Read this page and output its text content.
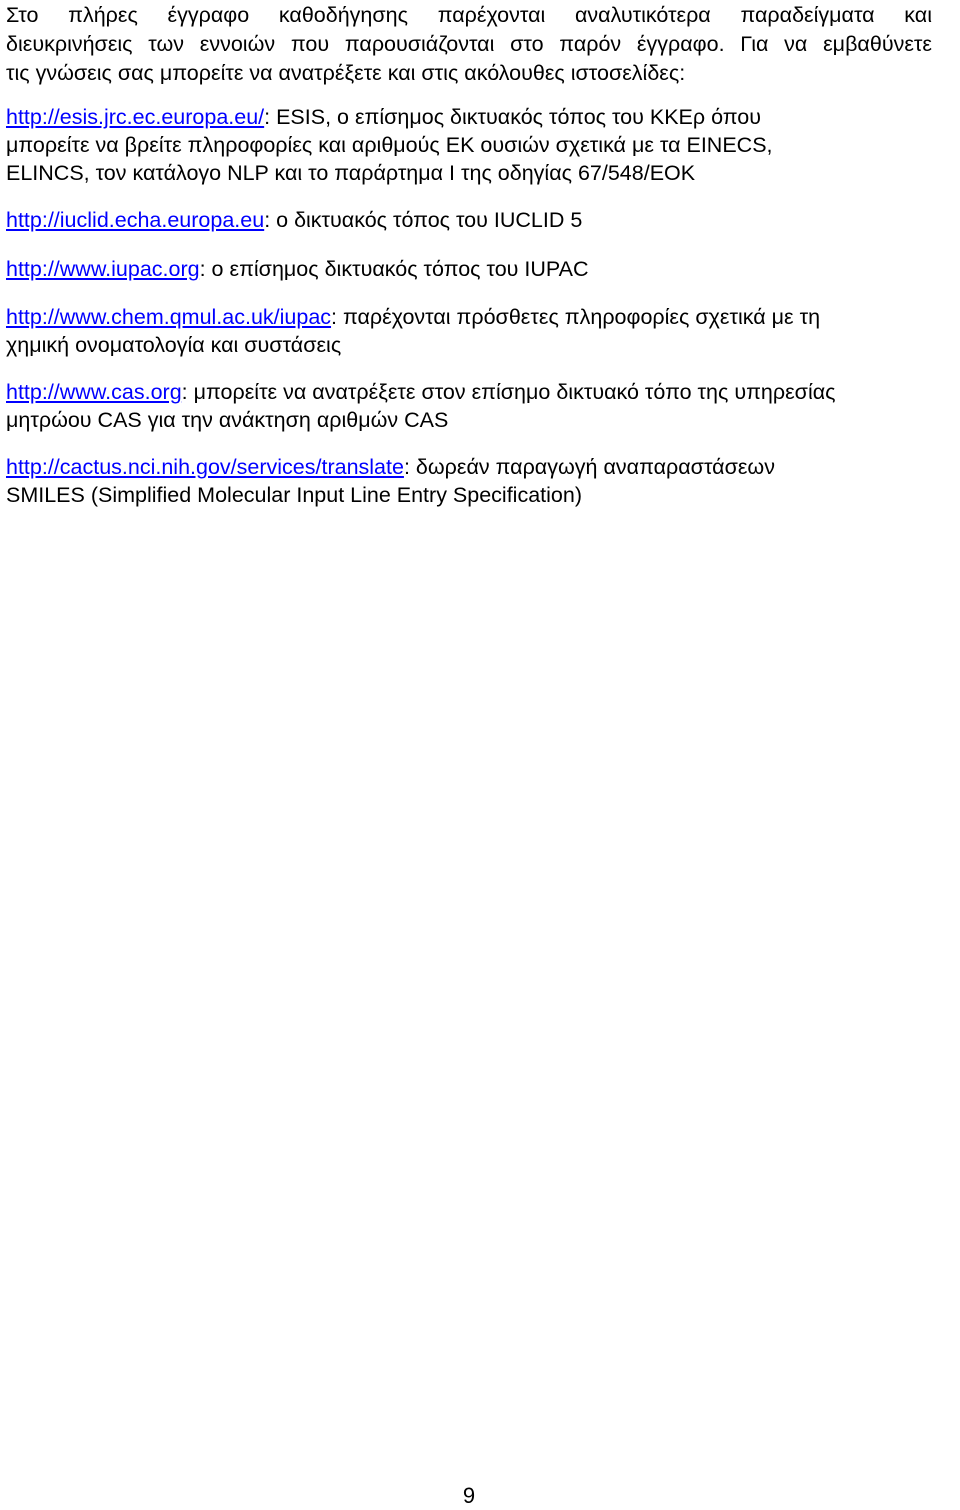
Στο πλήρες έγγραφο καθοδήγησης παρέχονται αναλυτικότερα παραδείγματα και
διευκρινήσεις των εννοιών που παρουσιάζονται στο παρόν έγγραφο. Για να εμβαθύνετε
τις γνώσεις σας μπορείτε να ανατρέξετε και στις ακόλουθες ιστοσελίδες:

http://esis.jrc.ec.europa.eu/: ESIS, ο επίσημος δικτυακός τόπος του ΚΚΕρ όπου
μπορείτε να βρείτε πληροφορίες και αριθμούς ΕΚ ουσιών σχετικά με τα EINECS,
ELINCS, τον κατάλογο NLP και το παράρτημα I της οδηγίας 67/548/ΕΟΚ
http://iuclid.echa.europa.eu: ο δικτυακός τόπος του IUCLID 5
http://www.iupac.org: ο επίσημος δικτυακός τόπος του IUPAC
http://www.chem.qmul.ac.uk/iupac: παρέχονται πρόσθετες πληροφορίες σχετικά με τη
χημική ονοματολογία και συστάσεις
http://www.cas.org: μπορείτε να ανατρέξετε στον επίσημο δικτυακό τόπο της υπηρεσίας
μητρώου CAS για την ανάκτηση αριθμών CAS
http://cactus.nci.nih.gov/services/translate: δωρεάν παραγωγή αναπαραστάσεων
SMILES (Simplified Molecular Input Line Entry Specification)
9
